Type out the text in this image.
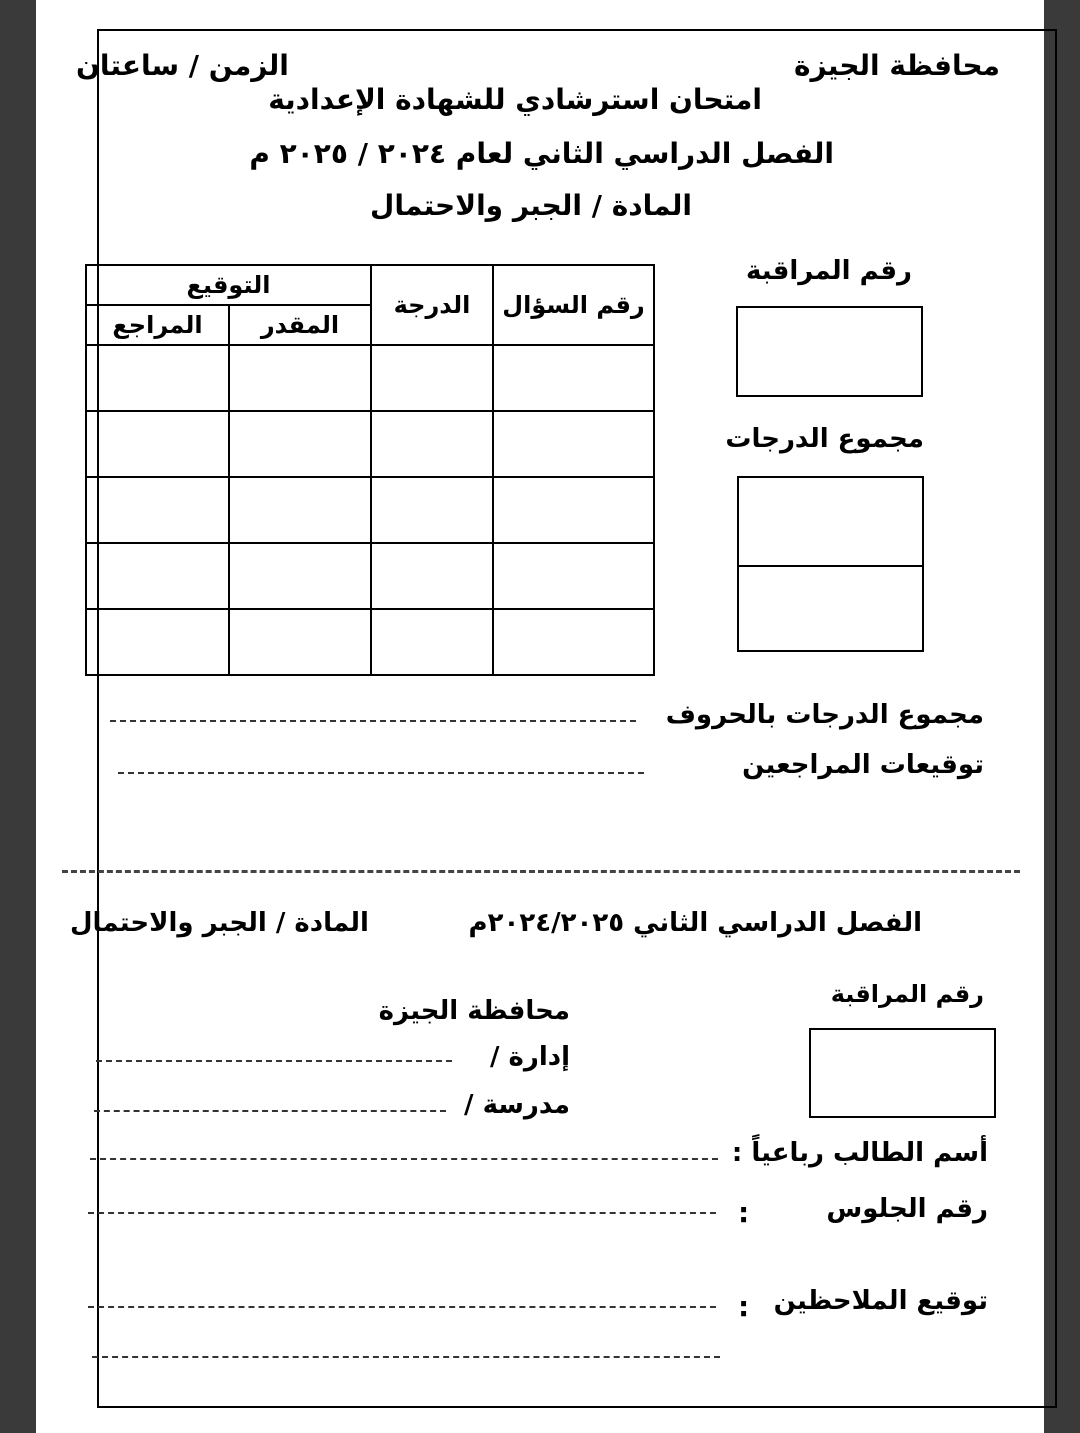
محافظة الجيزة
الزمن / ساعتان
امتحان استرشادي للشهادة الإعدادية
الفصل الدراسي الثاني لعام ٢٠٢٤ / ٢٠٢٥ م
المادة / الجبر والاحتمال
رقم المراقبة
مجموع الدرجات
رقم السؤال	الدرجة	التوقيع	
		المقدر	المراجع

مجموع الدرجات بالحروف
توقيعات المراجعين
الفصل الدراسي الثاني ٢٠٢٤/٢٠٢٥م
المادة / الجبر والاحتمال
رقم المراقبة
محافظة الجيزة
إدارة /
مدرسة /
أسم الطالب رباعياً :
رقم الجلوس
:
توقيع الملاحظين
:
